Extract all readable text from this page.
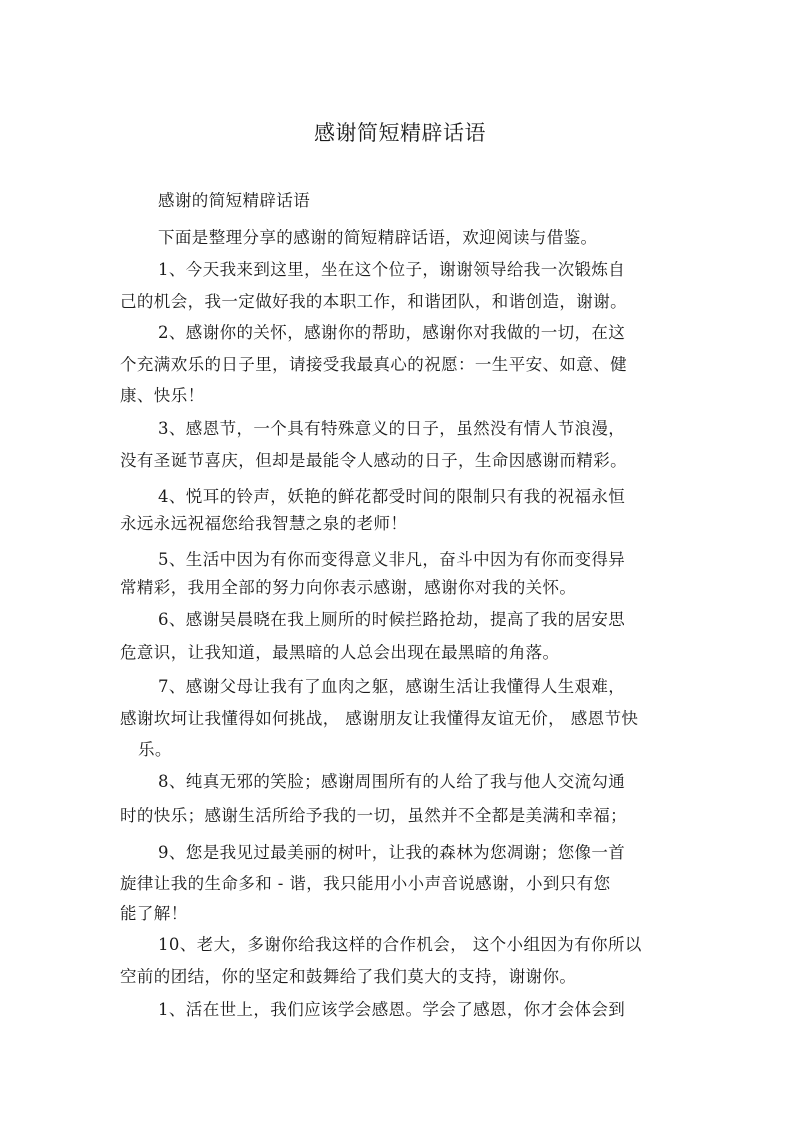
感谢简短精辟话语
感谢的简短精辟话语
下面是整理分享的感谢的简短精辟话语，欢迎阅读与借鉴。
1、今天我来到这里，坐在这个位子，谢谢领导给我一次锻炼自
己的机会，我一定做好我的本职工作，和谐团队，和谐创造，谢谢。
2、感谢你的关怀，感谢你的帮助，感谢你对我做的一切，在这
个充满欢乐的日子里，请接受我最真心的祝愿：一生平安、如意、健
康、快乐！
3、感恩节，一个具有特殊意义的日子，虽然没有情人节浪漫，
没有圣诞节喜庆，但却是最能令人感动的日子，生命因感谢而精彩。
4、悦耳的铃声，妖艳的鲜花都受时间的限制只有我的祝福永恒
永远永远祝福您给我智慧之泉的老师！
5、生活中因为有你而变得意义非凡，奋斗中因为有你而变得异
常精彩，我用全部的努力向你表示感谢，感谢你对我的关怀。
6、感谢吴晨晓在我上厕所的时候拦路抢劫，提高了我的居安思
危意识，让我知道，最黑暗的人总会出现在最黑暗的角落。
7、感谢父母让我有了血肉之躯，感谢生活让我懂得人生艰难，
感谢坎坷让我懂得如何挑战， 感谢朋友让我懂得友谊无价， 感恩节快
乐。
8、纯真无邪的笑脸；感谢周围所有的人给了我与他人交流勾通
时的快乐；感谢生活所给予我的一切，虽然并不全都是美满和幸福；
9、您是我见过最美丽的树叶，让我的森林为您凋谢；您像一首
旋律让我的生命多和 - 谐，我只能用小小声音说感谢，小到只有您
能了解！
10、老大，多谢你给我这样的合作机会， 这个小组因为有你所以
空前的团结，你的坚定和鼓舞给了我们莫大的支持，谢谢你。
1、活在世上，我们应该学会感恩。学会了感恩，你才会体会到
